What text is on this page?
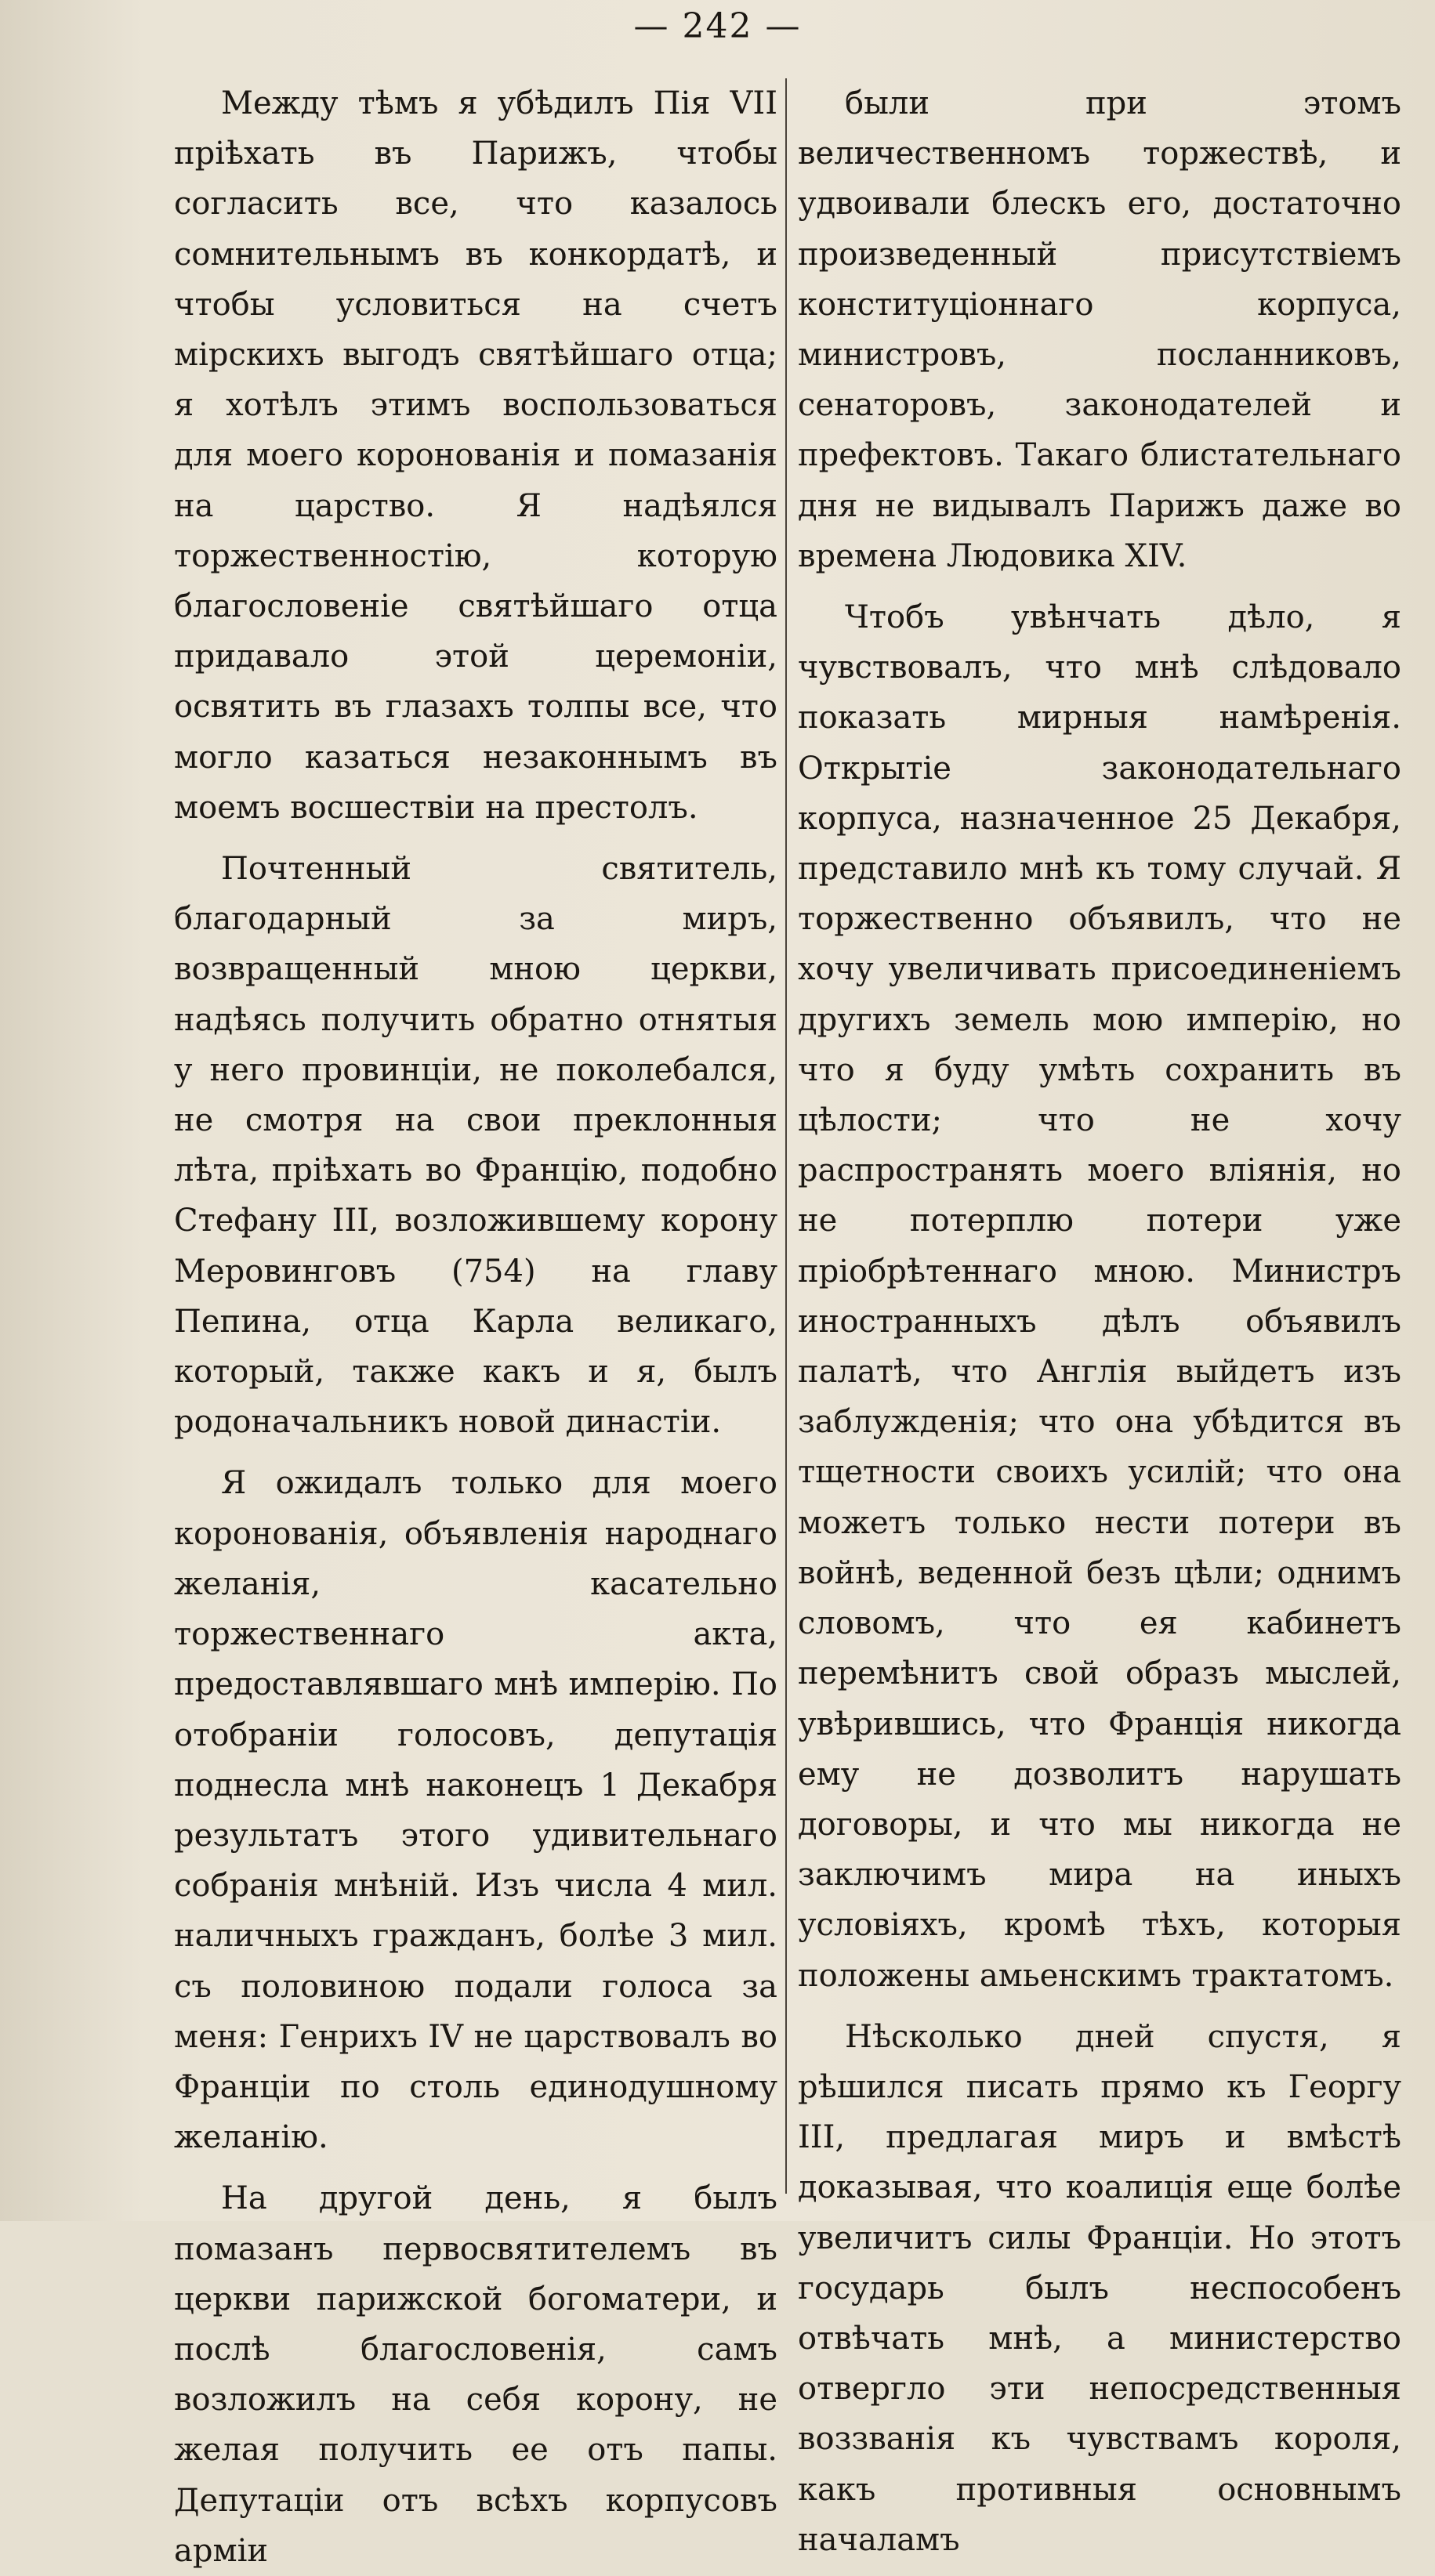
— 242 —

Между тѣмъ я убѣдилъ Пія VII пріѣхать въ Парижъ, чтобы согласить все, что казалось сомнительнымъ въ конкордатѣ, и чтобы условиться на счетъ мірскихъ выгодъ святѣйшаго отца; я хотѣлъ этимъ воспользоваться для моего коронованія и помазанія на царство. Я надѣялся торжественностію, которую благословеніе святѣйшаго отца придавало этой церемоніи, освятить въ глазахъ толпы все, что могло казаться незаконнымъ въ моемъ восшествіи на престолъ.

Почтенный святитель, благодарный за миръ, возвращенный мною церкви, надѣясь получить обратно отнятыя у него провинціи, не поколебался, не смотря на свои преклонныя лѣта, пріѣхать во Францію, подобно Стефану III, возложившему корону Меровинговъ (754) на главу Пепина, отца Карла великаго, который, также какъ и я, былъ родоначальникъ новой династіи.

Я ожидалъ только для моего коронованія, объявленія народнаго желанія, касательно торжественнаго акта, предоставлявшаго мнѣ имперію. По отобраніи голосовъ, депутація поднесла мнѣ наконецъ 1 Декабря результатъ этого удивительнаго собранія мнѣній. Изъ числа 4 мил. наличныхъ гражданъ, болѣе 3 мил. съ половиною подали голоса за меня: Генрихъ IV не царствовалъ во Франціи по столь единодушному желанію.

На другой день, я былъ помазанъ первосвятителемъ въ церкви парижской богоматери, и послѣ благословенія, самъ возложилъ на себя корону, не желая получить ее отъ папы. Депутаціи отъ всѣхъ корпусовъ арміи

были при этомъ величественномъ торжествѣ, и удвоивали блескъ его, достаточно произведенный присутствіемъ конституціоннаго корпуса, министровъ, посланниковъ, сенаторовъ, законодателей и префектовъ. Такаго блистательнаго дня не видывалъ Парижъ даже во времена Людовика XIV.

Чтобъ увѣнчать дѣло, я чувствовалъ, что мнѣ слѣдовало показать мирныя намѣренія. Открытіе законодательнаго корпуса, назначенное 25 Декабря, представило мнѣ къ тому случай. Я торжественно объявилъ, что не хочу увеличивать присоединеніемъ другихъ земель мою имперію, но что я буду умѣть сохранить въ цѣлости; что не хочу распространять моего вліянія, но не потерплю потери уже пріобрѣтеннаго мною. Министръ иностранныхъ дѣлъ объявилъ палатѣ, что Англія выйдетъ изъ заблужденія; что она убѣдится въ тщетности своихъ усилій; что она можетъ только нести потери въ войнѣ, веденной безъ цѣли; однимъ словомъ, что ея кабинетъ перемѣнитъ свой образъ мыслей, увѣрившись, что Франція никогда ему не дозволитъ нарушать договоры, и что мы никогда не заключимъ мира на иныхъ условіяхъ, кромѣ тѣхъ, которыя положены амьенскимъ трактатомъ.

Нѣсколько дней спустя, я рѣшился писать прямо къ Георгу III, предлагая миръ и вмѣстѣ доказывая, что коалиція еще болѣе увеличитъ силы Франціи. Но этотъ государь былъ неспособенъ отвѣчать мнѣ, а министерство отвергло эти непосредственныя воззванія къ чувствамъ короля, какъ противныя основнымъ началамъ
